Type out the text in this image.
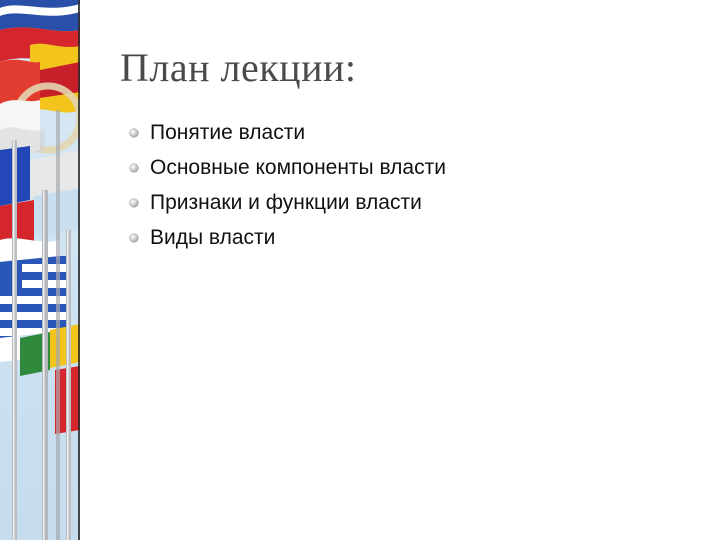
План лекции:
Понятие власти
Основные компоненты власти
Признаки и функции власти
Виды власти
